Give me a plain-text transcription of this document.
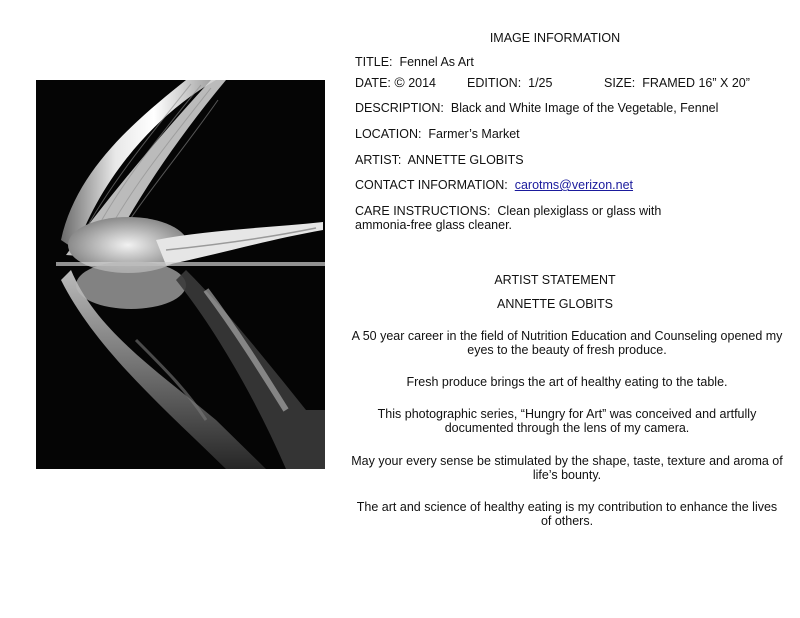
IMAGE INFORMATION
TITLE: Fennel As Art
DATE: © 2014 EDITION: 1/25	SIZE: FRAMED 16” X 20”
DESCRIPTION: Black and White Image of the Vegetable, Fennel
LOCATION: Farmer’s Market
ARTIST: ANNETTE GLOBITS
CONTACT INFORMATION: carotms@verizon.net
CARE INSTRUCTIONS: Clean plexiglass or glass with ammonia-free glass cleaner.
ARTIST STATEMENT
ANNETTE GLOBITS
A 50 year career in the field of Nutrition Education and Counseling opened my eyes to the beauty of fresh produce.
Fresh produce brings the art of healthy eating to the table.
This photographic series, “Hungry for Art” was conceived and artfully documented through the lens of my camera.
May your every sense be stimulated by the shape, taste, texture and aroma of life’s bounty.
The art and science of healthy eating is my contribution to enhance the lives of others.
